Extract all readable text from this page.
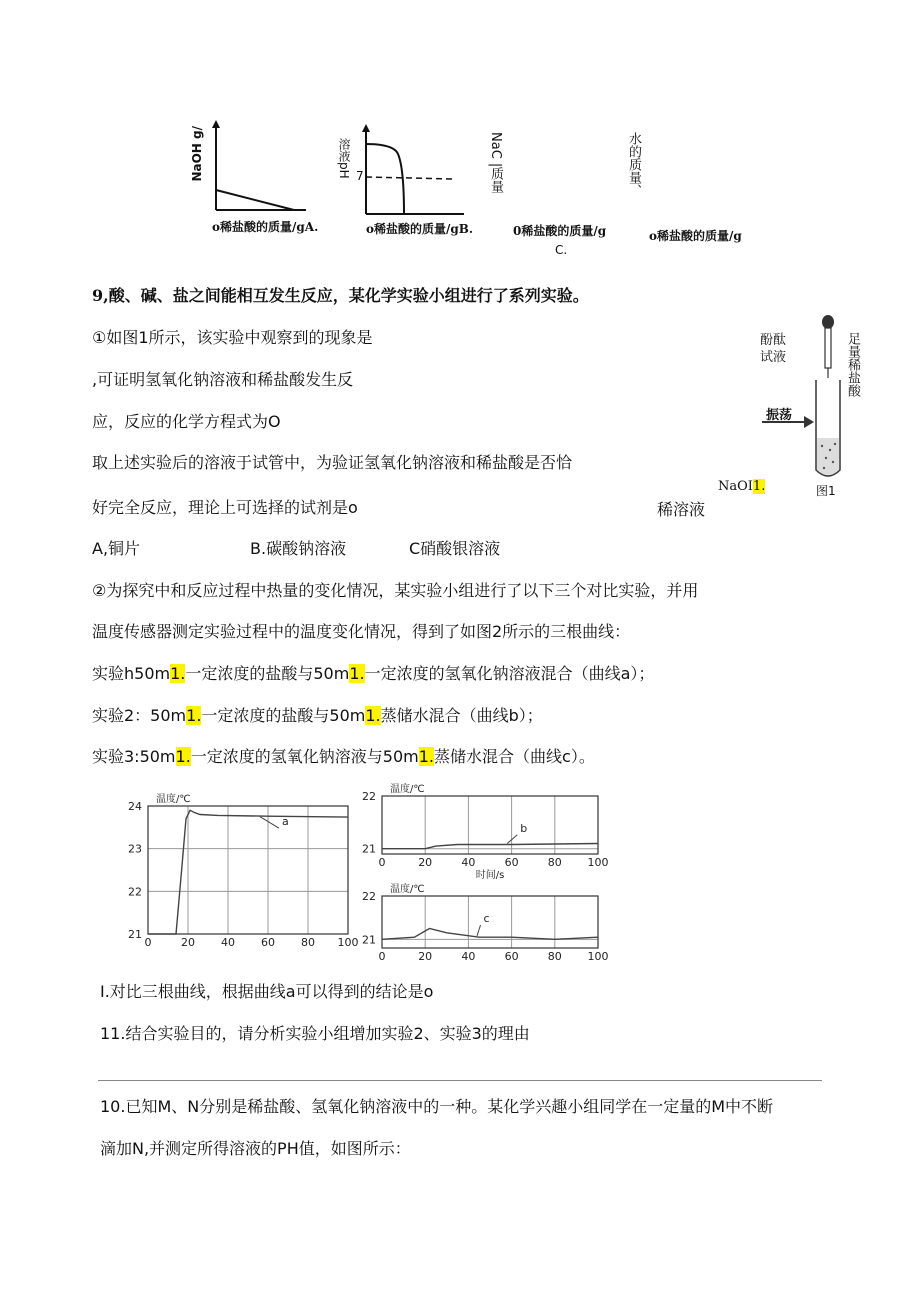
NaOH g/
o稀盐酸的质量/gA.
溶液pH 7
o稀盐酸的质量/gB.
NaC |质量
0稀盐酸的质量/g
C.
水的质量、
o稀盐酸的质量/g
9,酸、碱、盐之间能相互发生反应，某化学实验小组进行了系列实验。
①如图1所示，该实验中观察到的现象是
,可证明氢氧化钠溶液和稀盐酸发生反
应，反应的化学方程式为O
取上述实验后的溶液于试管中，为验证氢氧化钠溶液和稀盐酸是否恰
好完全反应，理论上可选择的试剂是o
A,铜片	B.碳酸钠溶液	C硝酸银溶液
②为探究中和反应过程中热量的变化情况，某实验小组进行了以下三个对比实验，并用
温度传感器测定实验过程中的温度变化情况，得到了如图2所示的三根曲线：
实验h50m1.一定浓度的盐酸与50m1.一定浓度的氢氧化钠溶液混合（曲线a）；
实验2：50m1.一定浓度的盐酸与50m1.蒸储水混合（曲线b）；
实验3:50m1.一定浓度的氢氧化钠溶液与50m1.蒸储水混合（曲线c）。
酚酞试液	足量稀盐酸
振荡
图1
NaOI1.
稀溶液
0	20 40 60 80 100
24
23
22
21
温度/℃
a
0	20	40	60	80 100
22
21
温度/℃
时间/s
b
0	20	40	60	80 100
22
21
温度/℃
c
I.对比三根曲线，根据曲线a可以得到的结论是o
11.结合实验目的，请分析实验小组增加实验2、实验3的理由
10.已知M、N分别是稀盐酸、氢氧化钠溶液中的一种。某化学兴趣小组同学在一定量的M中不断
滴加N,并测定所得溶液的PH值，如图所示：
